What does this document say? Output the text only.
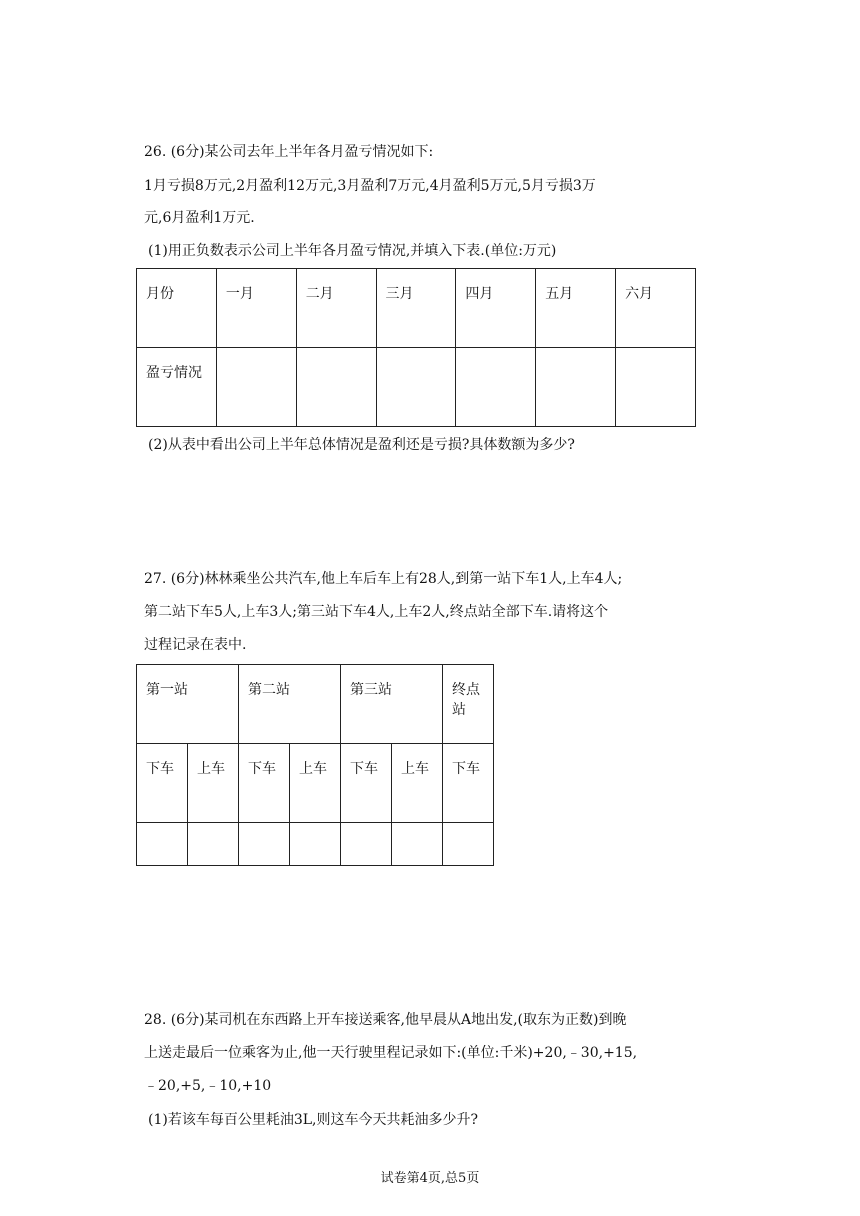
26. (6分)某公司去年上半年各月盈亏情况如下:
1月亏损8万元,2月盈利12万元,3月盈利7万元,4月盈利5万元,5月亏损3万
元,6月盈利1万元.
(1)用正负数表示公司上半年各月盈亏情况,并填入下表.(单位:万元)
月份	一月	二月	三月	四月	五月	六月
盈亏情况						
(2)从表中看出公司上半年总体情况是盈利还是亏损?具体数额为多少?
27. (6分)林林乘坐公共汽车,他上车后车上有28人,到第一站下车1人,上车4人;
第二站下车5人,上车3人;第三站下车4人,上车2人,终点站全部下车.请将这个
过程记录在表中.
第一站		第二站		第三站		终点站
下车	上车	下车	上车	下车	上车	下车

28. (6分)某司机在东西路上开车接送乘客,他早晨从A地出发,(取东为正数)到晚
上送走最后一位乘客为止,他一天行驶里程记录如下:(单位:千米)+20,﹣30,+15,
﹣20,+5,﹣10,+10
(1)若该车每百公里耗油3L,则这车今天共耗油多少升?
试卷第4页,总5页
